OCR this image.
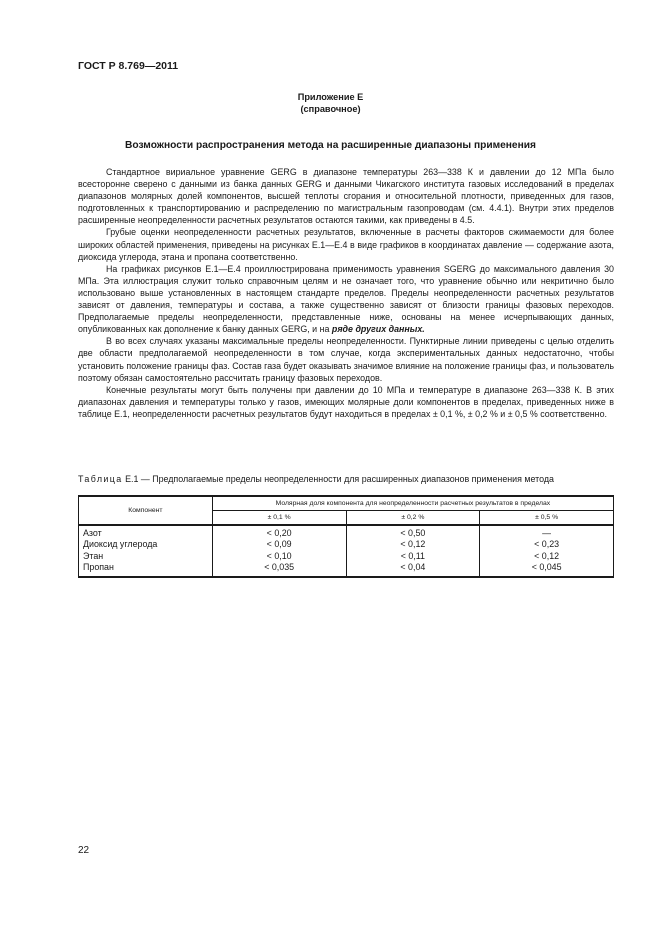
ГОСТ Р 8.769—2011
Приложение Е
(справочное)
Возможности распространения метода на расширенные диапазоны применения

Стандартное вириальное уравнение GERG в диапазоне температуры 263—338 К и давлении до 12 МПа было всесторонне сверено с данными из банка данных GERG и данными Чикагского института газовых исследований в пределах диапазонов молярных долей компонентов, высшей теплоты сгорания и относительной плотности, приведенных для газов, подготовленных к транспортированию и распределению по магистральным газопроводам (см. 4.4.1). Внутри этих пределов расширенные неопределенности расчетных результатов остаются такими, как приведены в 4.5.

Грубые оценки неопределенности расчетных результатов, включенные в расчеты факторов сжимаемости для более широких областей применения, приведены на рисунках Е.1—Е.4 в виде графиков в координатах давление — содержание азота, диоксида углерода, этана и пропана соответственно.

На графиках рисунков Е.1—Е.4 проиллюстрирована применимость уравнения SGERG до максимального давления 30 МПа. Эта иллюстрация служит только справочным целям и не означает того, что уравнение обычно или некритично было использовано выше установленных в настоящем стандарте пределов. Пределы неопределенности расчетных результатов зависят от давления, температуры и состава, а также существенно зависят от близости границы фазовых переходов. Предполагаемые пределы неопределенности, представленные ниже, основаны на менее исчерпывающих данных, опубликованных как дополнение к банку данных GERG, и на ряде других данных.

В во всех случаях указаны максимальные пределы неопределенности. Пунктирные линии приведены с целью отделить две области предполагаемой неопределенности в том случае, когда экспериментальных данных недостаточно, чтобы установить положение границы фаз. Состав газа будет оказывать значимое влияние на положение границы фаз, и пользователь поэтому обязан самостоятельно рассчитать границу фазовых переходов.

Конечные результаты могут быть получены при давлении до 10 МПа и температуре в диапазоне 263—338 К. В этих диапазонах давления и температуры только у газов, имеющих молярные доли компонентов в пределах, приведенных ниже в таблице Е.1, неопределенности расчетных результатов будут находиться в пределах ± 0,1 %, ± 0,2 % и ± 0,5 % соответственно.

Таблица Е.1 — Предполагаемые пределы неопределенности для расширенных диапазонов применения метода
Компонент	Молярная доля компонента для неопределенности расчетных результатов в пределах		
	± 0,1 %	± 0,2 %	± 0,5 %
Азот	< 0,20	< 0,50	—
Диоксид углерода	< 0,09	< 0,12	< 0,23
Этан	< 0,10	< 0,11	< 0,12
Пропан	< 0,035	< 0,04	< 0,045
22
